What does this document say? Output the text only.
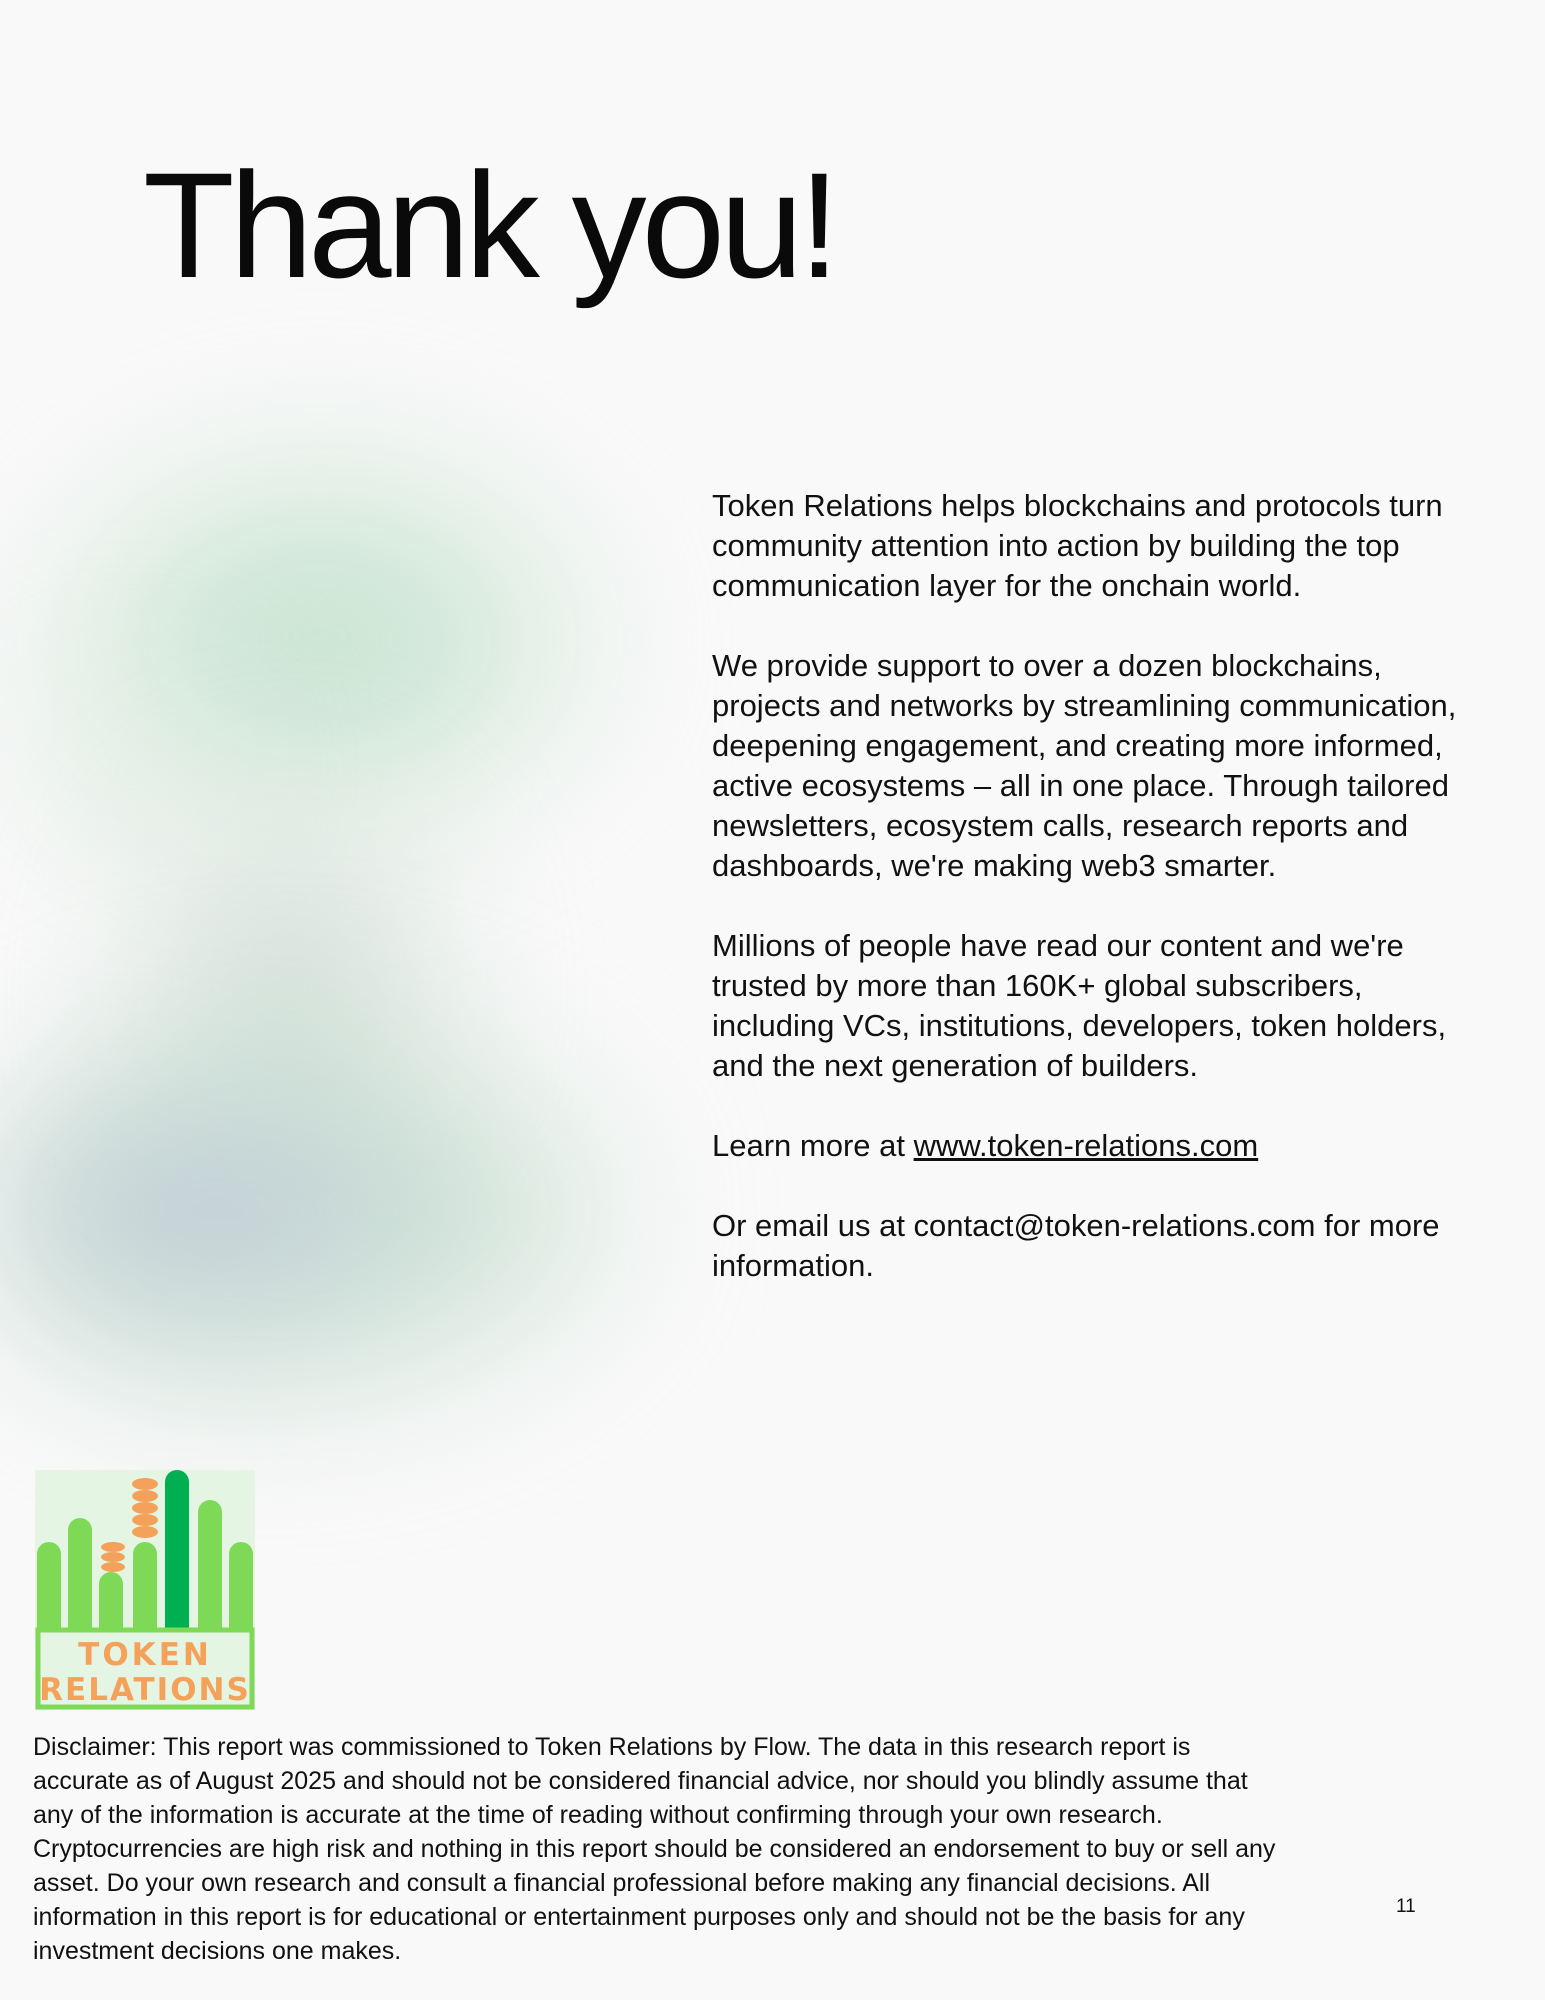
Thank you!

Token Relations helps blockchains and protocols turn community attention into action by building the top communication layer for the onchain world.

We provide support to over a dozen blockchains, projects and networks by streamlining communication, deepening engagement, and creating more informed, active ecosystems – all in one place. Through tailored newsletters, ecosystem calls, research reports and dashboards, we're making web3 smarter.

Millions of people have read our content and we're trusted by more than 160K+ global subscribers, including VCs, institutions, developers, token holders, and the next generation of builders.

Learn more at www.token-relations.com

Or email us at contact@token-relations.com for more information.

TOKEN
RELATIONS

Disclaimer: This report was commissioned to Token Relations by Flow. The data in this research report is accurate as of August 2025 and should not be considered financial advice, nor should you blindly assume that any of the information is accurate at the time of reading without confirming through your own research. Cryptocurrencies are high risk and nothing in this report should be considered an endorsement to buy or sell any asset. Do your own research and consult a financial professional before making any financial decisions. All information in this report is for educational or entertainment purposes only and should not be the basis for any investment decisions one makes.

11
